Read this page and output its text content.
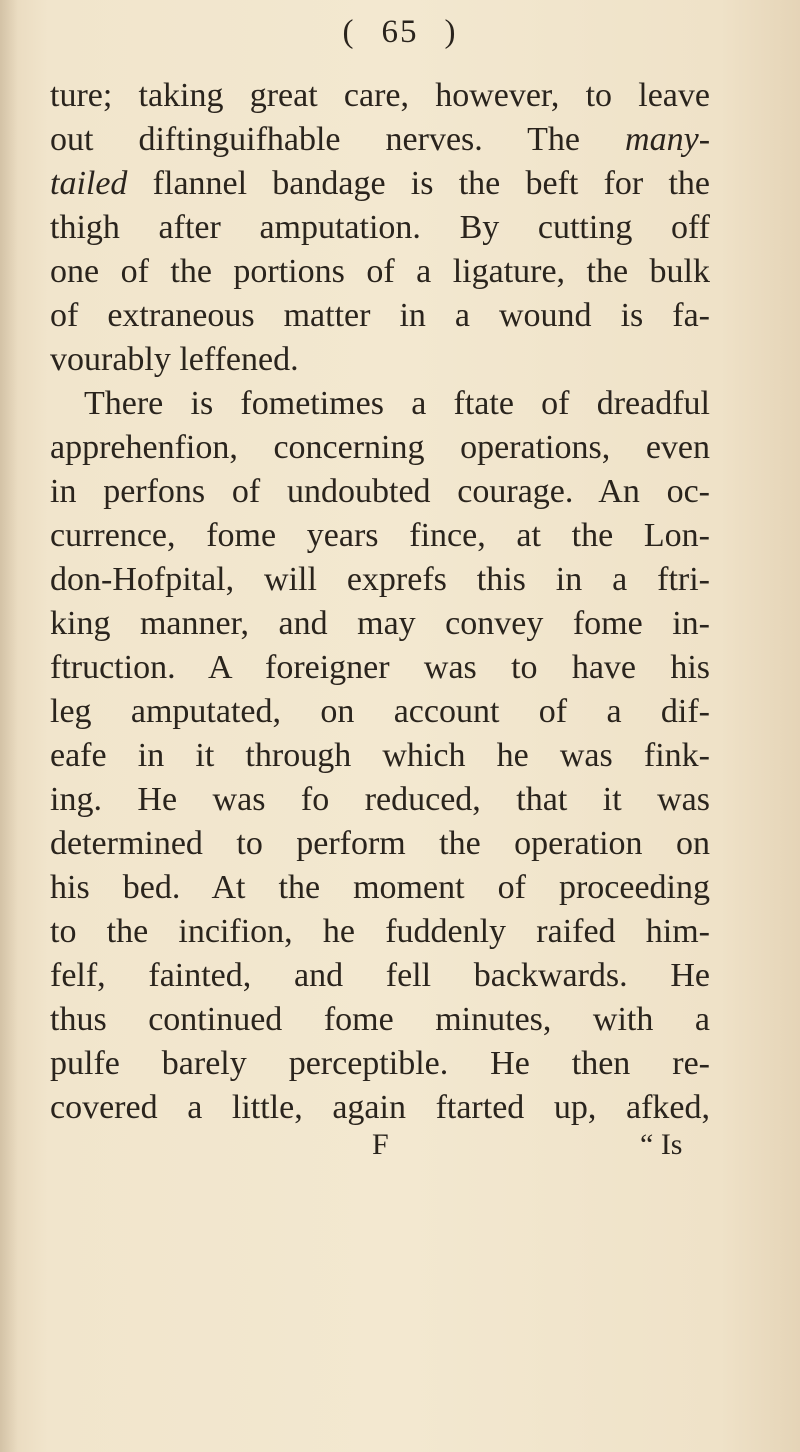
( 65 )
ture; taking great care, however, to leave
out diftinguifhable nerves. The many-
tailed flannel bandage is the beft for the
thigh after amputation. By cutting off
one of the portions of a ligature, the bulk
of extraneous matter in a wound is fa-
vourably leffened.
There is fometimes a ftate of dreadful
apprehenfion, concerning operations, even
in perfons of undoubted courage. An oc-
currence, fome years fince, at the Lon-
don-Hofpital, will exprefs this in a ftri-
king manner, and may convey fome in-
ftruction. A foreigner was to have his
leg amputated, on account of a dif-
eafe in it through which he was fink-
ing. He was fo reduced, that it was
determined to perform the operation on
his bed. At the moment of proceeding
to the incifion, he fuddenly raifed him-
felf, fainted, and fell backwards. He
thus continued fome minutes, with a
pulfe barely perceptible. He then re-
covered a little, again ftarted up, afked,
F	“ Is
